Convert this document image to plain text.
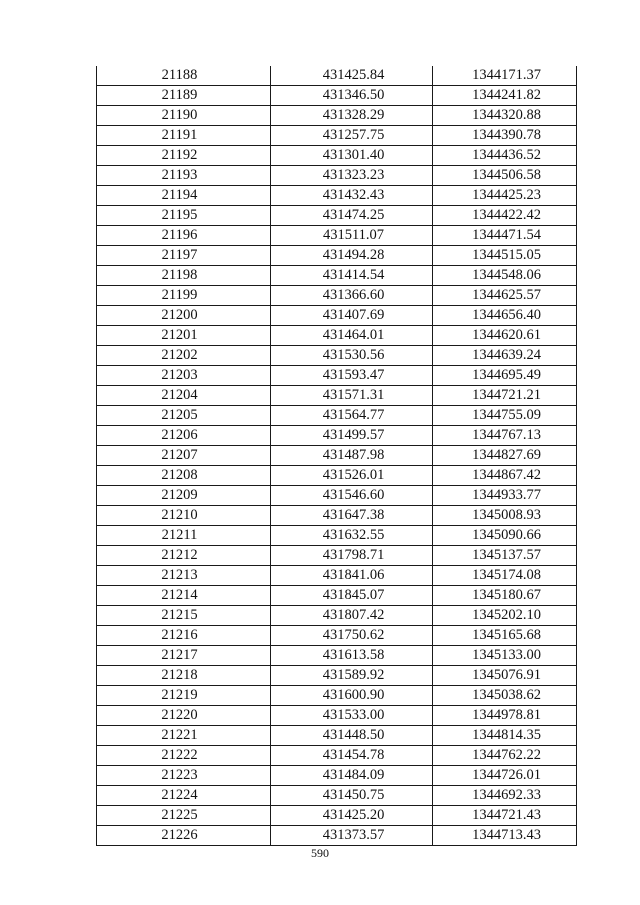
21188	431425.84	1344171.37
21189	431346.50	1344241.82
21190	431328.29	1344320.88
21191	431257.75	1344390.78
21192	431301.40	1344436.52
21193	431323.23	1344506.58
21194	431432.43	1344425.23
21195	431474.25	1344422.42
21196	431511.07	1344471.54
21197	431494.28	1344515.05
21198	431414.54	1344548.06
21199	431366.60	1344625.57
21200	431407.69	1344656.40
21201	431464.01	1344620.61
21202	431530.56	1344639.24
21203	431593.47	1344695.49
21204	431571.31	1344721.21
21205	431564.77	1344755.09
21206	431499.57	1344767.13
21207	431487.98	1344827.69
21208	431526.01	1344867.42
21209	431546.60	1344933.77
21210	431647.38	1345008.93
21211	431632.55	1345090.66
21212	431798.71	1345137.57
21213	431841.06	1345174.08
21214	431845.07	1345180.67
21215	431807.42	1345202.10
21216	431750.62	1345165.68
21217	431613.58	1345133.00
21218	431589.92	1345076.91
21219	431600.90	1345038.62
21220	431533.00	1344978.81
21221	431448.50	1344814.35
21222	431454.78	1344762.22
21223	431484.09	1344726.01
21224	431450.75	1344692.33
21225	431425.20	1344721.43
21226	431373.57	1344713.43
590
